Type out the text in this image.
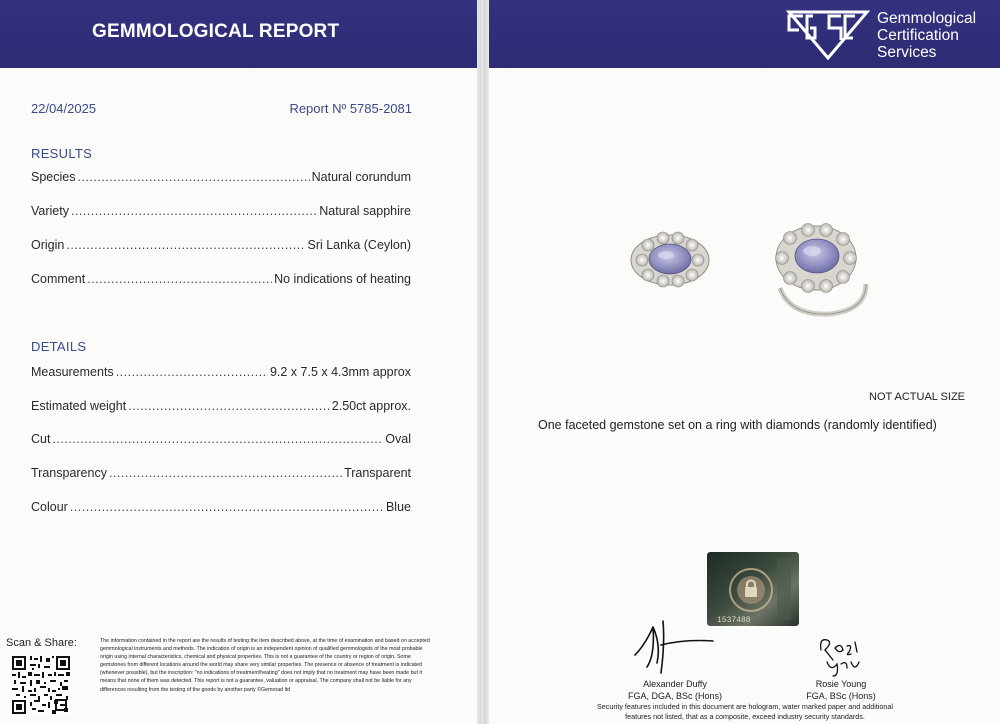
GEMMOLOGICAL REPORT
22/04/2025	Report Nº 5785-2081
RESULTS
Species .....	Natural corundum
Variety .....	Natural sapphire
Origin .....	Sri Lanka (Ceylon)
Comment .....	No indications of heating
DETAILS
Measurements .....	9.2 x 7.5 x 4.3mm approx
Estimated weight .....	2.50ct approx.
Cut .....	Oval
Transparency .....	Transparent
Colour .....	Blue
Scan & Share:	The information contained in the report are the results of testing the item described above, at the time of examination and based on accepted gemmological instruments and methods. The indication of origin is an independent opinion of qualified gemmologists of the most probable origin using internal characteristics, chemical and physical properties. This is not a guarantee of the country or region of origin. Some gemstones from different locations around the world may share very similar properties. The presence or absence of treatment is indicated (whenever possible), but the inscription: "no indications of treatment/heating" does not imply that no treatment may have been made but it means that none of them was detected. This report is not a guarantee, valuation or appraisal. The company shall not be liable for any differences resulting from the testing of the goods by another party ©Gemroad ltd
Gemmological
Certification
Services
NOT ACTUAL SIZE
One faceted gemstone set on a ring with diamonds (randomly identified)
1537488
Alexander Duffy
FGA, DGA, BSc (Hons)
Rosie Young
FGA, BSc (Hons)
Security features included in this document are hologram, water marked paper and additional features not listed, that as a composite, exceed industry security standards.
